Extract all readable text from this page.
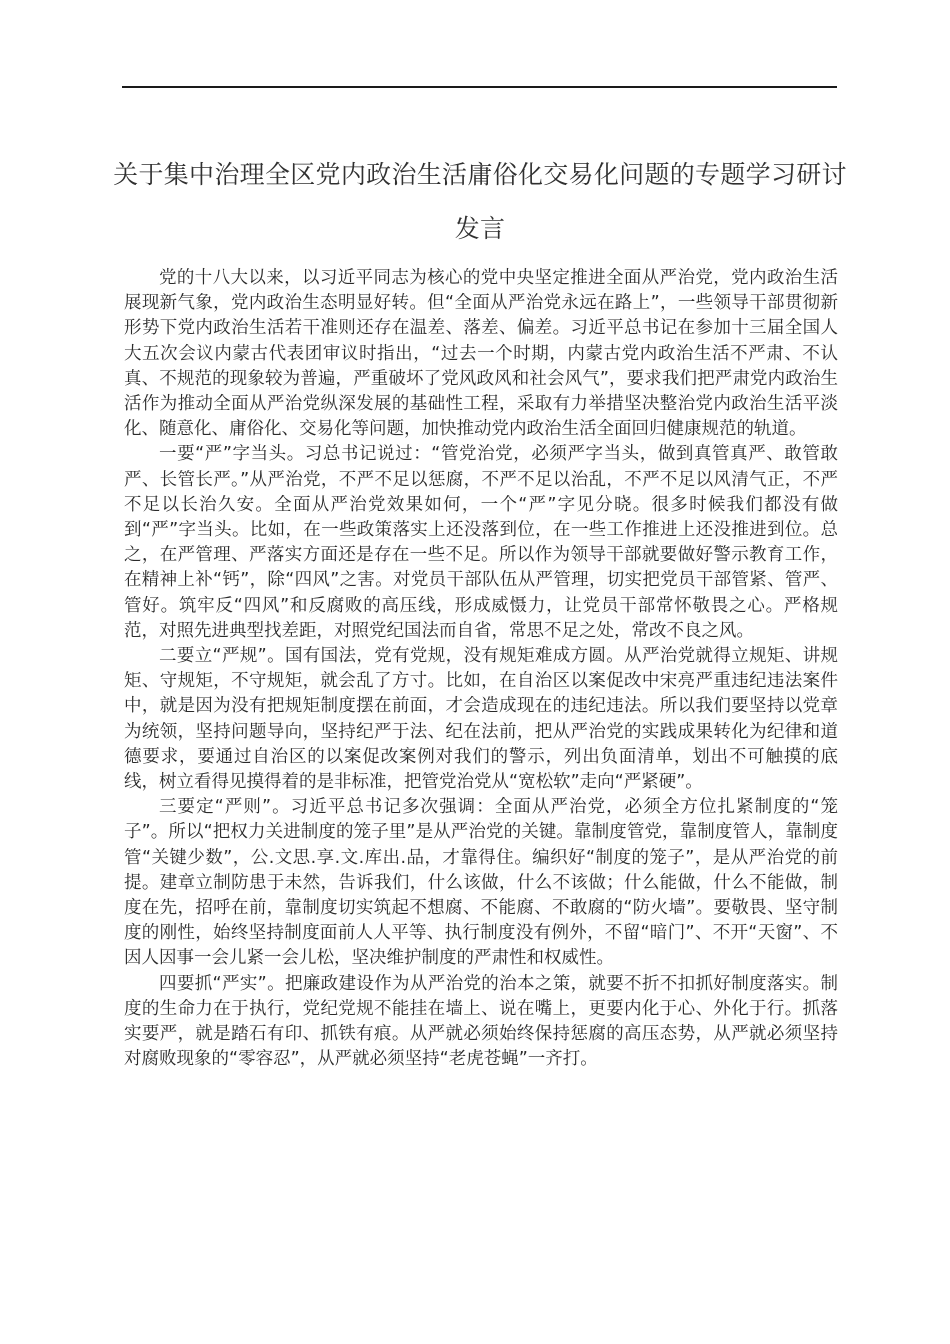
关于集中治理全区党内政治生活庸俗化交易化问题的专题学习研讨发言

党的十八大以来，以习近平同志为核心的党中央坚定推进全面从严治党，党内政治生活展现新气象，党内政治生态明显好转。但“全面从严治党永远在路上”，一些领导干部贯彻新形势下党内政治生活若干准则还存在温差、落差、偏差。习近平总书记在参加十三届全国人大五次会议内蒙古代表团审议时指出，“过去一个时期，内蒙古党内政治生活不严肃、不认真、不规范的现象较为普遍，严重破坏了党风政风和社会风气”，要求我们把严肃党内政治生活作为推动全面从严治党纵深发展的基础性工程，采取有力举措坚决整治党内政治生活平淡化、随意化、庸俗化、交易化等问题，加快推动党内政治生活全面回归健康规范的轨道。

一要“严”字当头。习总书记说过：“管党治党，必须严字当头，做到真管真严、敢管敢严、长管长严。”从严治党，不严不足以惩腐，不严不足以治乱，不严不足以风清气正，不严不足以长治久安。全面从严治党效果如何，一个“严”字见分晓。很多时候我们都没有做到“严”字当头。比如，在一些政策落实上还没落到位，在一些工作推进上还没推进到位。总之，在严管理、严落实方面还是存在一些不足。所以作为领导干部就要做好警示教育工作，在精神上补“钙”，除“四风”之害。对党员干部队伍从严管理，切实把党员干部管紧、管严、管好。筑牢反“四风”和反腐败的高压线，形成威慑力，让党员干部常怀敬畏之心。严格规范，对照先进典型找差距，对照党纪国法而自省，常思不足之处，常改不良之风。

二要立“严规”。国有国法，党有党规，没有规矩难成方圆。从严治党就得立规矩、讲规矩、守规矩，不守规矩，就会乱了方寸。比如，在自治区以案促改中宋亮严重违纪违法案件中，就是因为没有把规矩制度摆在前面，才会造成现在的违纪违法。所以我们要坚持以党章为统领，坚持问题导向，坚持纪严于法、纪在法前，把从严治党的实践成果转化为纪律和道德要求，要通过自治区的以案促改案例对我们的警示，列出负面清单，划出不可触摸的底线，树立看得见摸得着的是非标准，把管党治党从“宽松软”走向“严紧硬”。

三要定“严则”。习近平总书记多次强调：全面从严治党，必须全方位扎紧制度的“笼子”。所以“把权力关进制度的笼子里”是从严治党的关键。靠制度管党，靠制度管人，靠制度管“关键少数”，公.文思.享.文.库出.品，才靠得住。编织好“制度的笼子”，是从严治党的前提。建章立制防患于未然，告诉我们，什么该做，什么不该做；什么能做，什么不能做，制度在先，招呼在前，靠制度切实筑起不想腐、不能腐、不敢腐的“防火墙”。要敬畏、坚守制度的刚性，始终坚持制度面前人人平等、执行制度没有例外，不留“暗门”、不开“天窗”、不因人因事一会儿紧一会儿松，坚决维护制度的严肃性和权威性。

四要抓“严实”。把廉政建设作为从严治党的治本之策，就要不折不扣抓好制度落实。制度的生命力在于执行，党纪党规不能挂在墙上、说在嘴上，更要内化于心、外化于行。抓落实要严，就是踏石有印、抓铁有痕。从严就必须始终保持惩腐的高压态势，从严就必须坚持对腐败现象的“零容忍”，从严就必须坚持“老虎苍蝇”一齐打。
